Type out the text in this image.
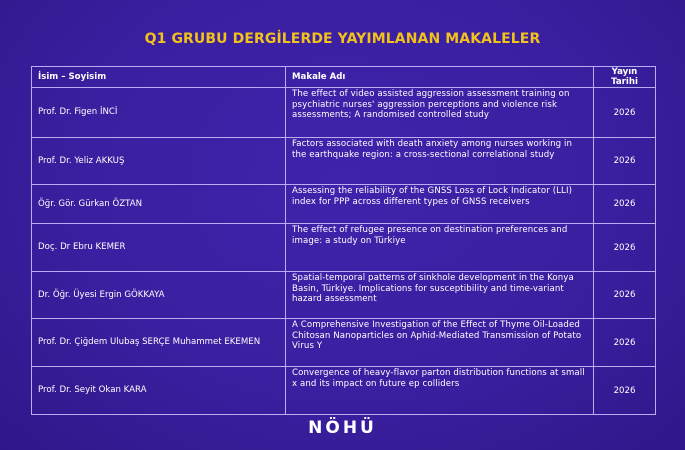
Q1 GRUBU DERGİLERDE YAYIMLANAN MAKALELER
İsim – Soyisim	Makale Adı	Yayın Tarihi
Prof. Dr. Figen İNCİ	The effect of video assisted aggression assessment training on psychiatric nurses' aggression perceptions and violence risk assessments; A randomised controlled study	2026
Prof. Dr. Yeliz AKKUŞ	Factors associated with death anxiety among nurses working in the earthquake region: a cross-sectional correlational study	2026
Öğr. Gör. Gürkan ÖZTAN	Assessing the reliability of the GNSS Loss of Lock Indicator (LLI) index for PPP across different types of GNSS receivers	2026
Doç. Dr Ebru KEMER	The effect of refugee presence on destination preferences and image: a study on Türkiye	2026
Dr. Öğr. Üyesi Ergin GÖKKAYA	Spatial-temporal patterns of sinkhole development in the Konya Basin, Türkiye. Implications for susceptibility and time-variant hazard assessment	2026
Prof. Dr. Çiğdem Ulubaş SERÇE Muhammet EKEMEN	A Comprehensive Investigation of the Effect of Thyme Oil-Loaded Chitosan Nanoparticles on Aphid-Mediated Transmission of Potato Virus Y	2026
Prof. Dr. Seyit Okan KARA	Convergence of heavy-flavor parton distribution functions at small x and its impact on future ep colliders	2026
NÖHÜ
